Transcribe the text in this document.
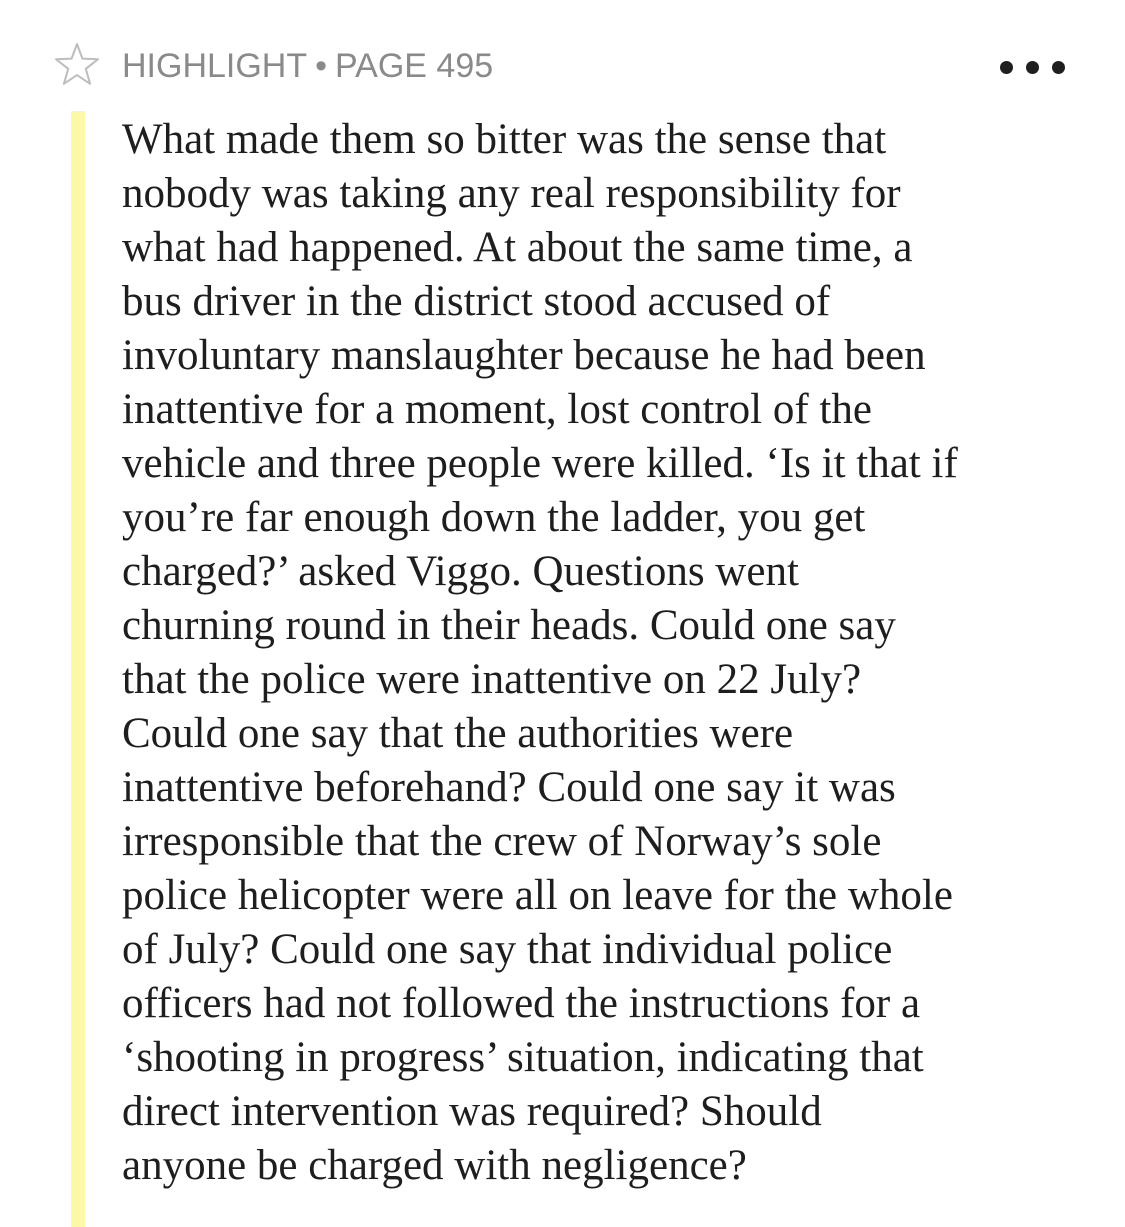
HIGHLIGHT • PAGE 495

What made them so bitter was the sense that
nobody was taking any real responsibility for
what had happened. At about the same time, a
bus driver in the district stood accused of
involuntary manslaughter because he had been
inattentive for a moment, lost control of the
vehicle and three people were killed. ‘Is it that if
you’re far enough down the ladder, you get
charged?’ asked Viggo. Questions went
churning round in their heads. Could one say
that the police were inattentive on 22 July?
Could one say that the authorities were
inattentive beforehand? Could one say it was
irresponsible that the crew of Norway’s sole
police helicopter were all on leave for the whole
of July? Could one say that individual police
officers had not followed the instructions for a
‘shooting in progress’ situation, indicating that
direct intervention was required? Should
anyone be charged with negligence?
